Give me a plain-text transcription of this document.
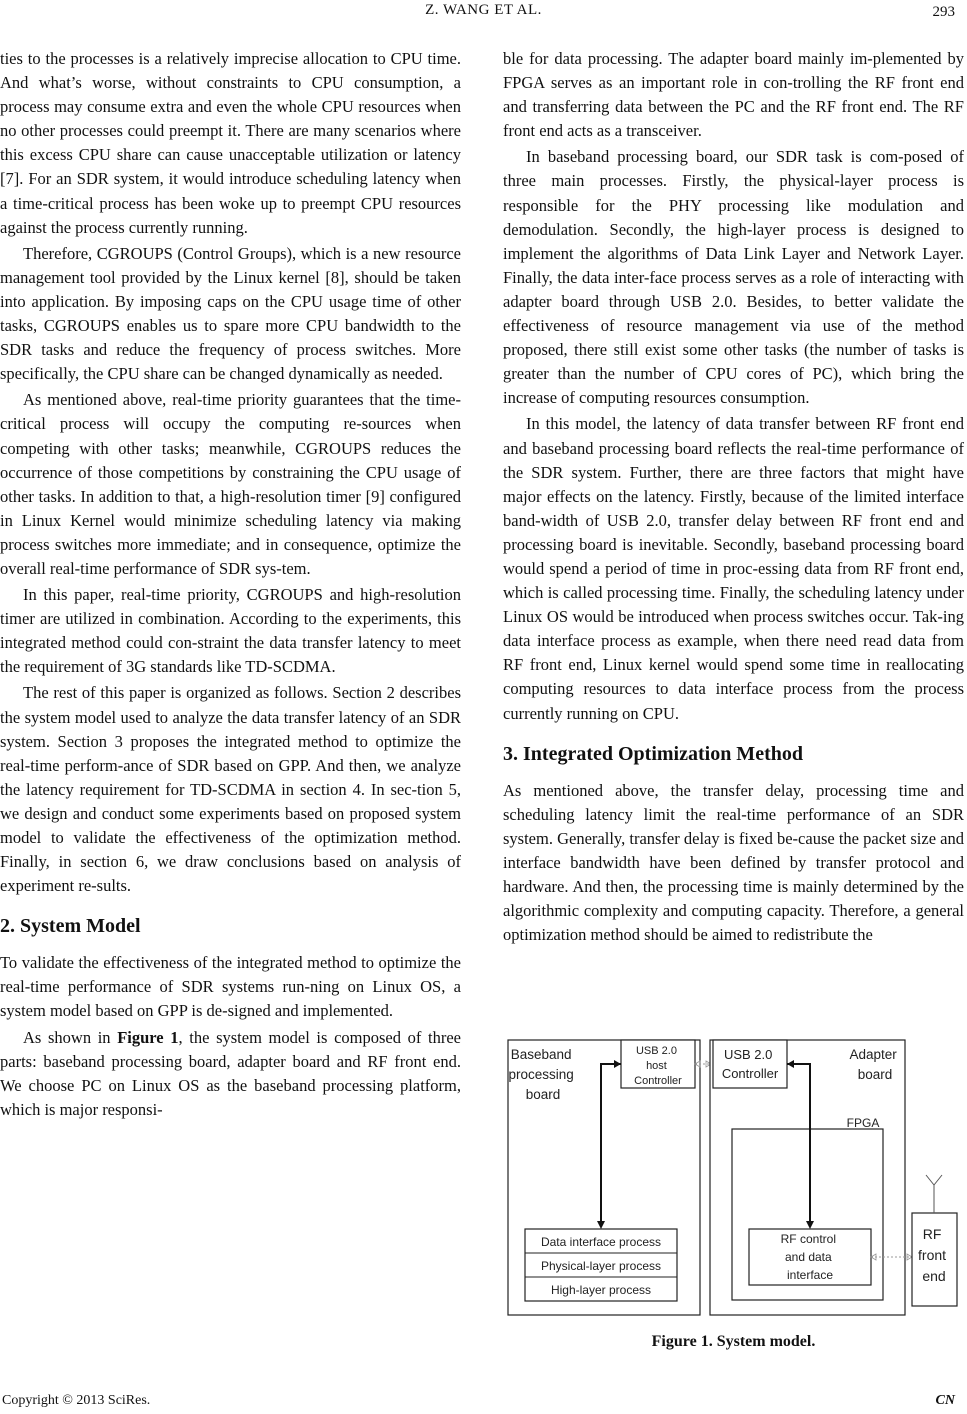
Z. WANG ET AL.	293

ties to the processes is a relatively imprecise allocation to CPU time. And what’s worse, without constraints to CPU consumption, a process may consume extra and even the whole CPU resources when no other processes could preempt it. There are many scenarios where this excess CPU share can cause unacceptable utilization or latency [7]. For an SDR system, it would introduce scheduling latency when a time-critical process has been woke up to preempt CPU resources against the process currently running.

Therefore, CGROUPS (Control Groups), which is a new resource management tool provided by the Linux kernel [8], should be taken into application. By imposing caps on the CPU usage time of other tasks, CGROUPS enables us to spare more CPU bandwidth to the SDR tasks and reduce the frequency of process switches. More specifically, the CPU share can be changed dynamically as needed.

As mentioned above, real-time priority guarantees that the time-critical process will occupy the computing re-sources when competing with other tasks; meanwhile, CGROUPS reduces the occurrence of those competitions by constraining the CPU usage of other tasks. In addition to that, a high-resolution timer [9] configured in Linux Kernel would minimize scheduling latency via making process switches more immediate; and in consequence, optimize the overall real-time performance of SDR sys-tem.

In this paper, real-time priority, CGROUPS and high-resolution timer are utilized in combination. According to the experiments, this integrated method could con-straint the data transfer latency to meet the requirement of 3G standards like TD-SCDMA.

The rest of this paper is organized as follows. Section 2 describes the system model used to analyze the data transfer latency of an SDR system. Section 3 proposes the integrated method to optimize the real-time perform-ance of SDR based on GPP. And then, we analyze the latency requirement for TD-SCDMA in section 4. In sec-tion 5, we design and conduct some experiments based on proposed system model to validate the effectiveness of the optimization method. Finally, in section 6, we draw conclusions based on analysis of experiment re-sults.

2. System Model

To validate the effectiveness of the integrated method to optimize the real-time performance of SDR systems run-ning on Linux OS, a system model based on GPP is de-signed and implemented.

As shown in Figure 1, the system model is composed of three parts: baseband processing board, adapter board and RF front end. We choose PC on Linux OS as the baseband processing platform, which is major responsi-

ble for data processing. The adapter board mainly im-plemented by FPGA serves as an important role in con-trolling the RF front end and transferring data between the PC and the RF front end. The RF front end acts as a transceiver.

In baseband processing board, our SDR task is com-posed of three main processes. Firstly, the physical-layer process is responsible for the PHY processing like modulation and demodulation. Secondly, the high-layer process is designed to implement the algorithms of Data Link Layer and Network Layer. Finally, the data inter-face process serves as a role of interacting with adapter board through USB 2.0. Besides, to better validate the effectiveness of resource management via use of the method proposed, there still exist some other tasks (the number of tasks is greater than the number of CPU cores of PC), which bring the increase of computing resources consumption.

In this model, the latency of data transfer between RF front end and baseband processing board reflects the real-time performance of the SDR system. Further, there are three factors that might have major effects on the latency. Firstly, because of the limited interface band-width of USB 2.0, transfer delay between RF front end and processing board is inevitable. Secondly, baseband processing board would spend a period of time in proc-essing data from RF front end, which is called processing time. Finally, the scheduling latency under Linux OS would be introduced when process switches occur. Tak-ing data interface process as example, when there need read data from RF front end, Linux kernel would spend some time in reallocating computing resources to data interface process from the process currently running on CPU.

3. Integrated Optimization Method

As mentioned above, the transfer delay, processing time and scheduling latency limit the real-time performance of an SDR system. Generally, transfer delay is fixed be-cause the packet size and interface bandwidth have been defined by transfer protocol and hardware. And then, the processing time is mainly determined by the algorithmic complexity and computing capacity. Therefore, a general optimization method should be aimed to redistribute the

Baseband processing board
USB 2.0 host Controller
Data interface process
Physical-layer process
High-layer process
Adapter board
USB 2.0 Controller
FPGA
RF control and data interface
RF front end
Figure 1. System model.
Copyright © 2013 SciRes.	CN
